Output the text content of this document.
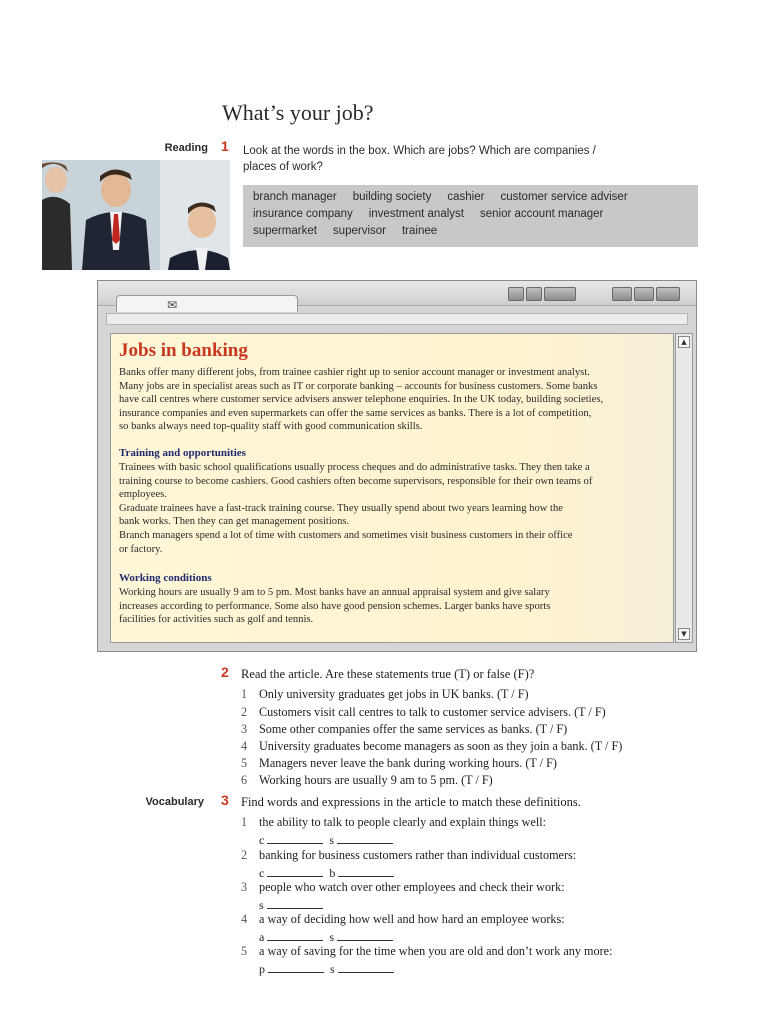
What’s your job?
Reading 1 Look at the words in the box. Which are jobs? Which are companies /
places of work?
branch manager building society cashier customer service adviser
insurance company investment analyst senior account manager
supermarket supervisor trainee
✉
Jobs in banking
Banks offer many different jobs, from trainee cashier right up to senior account manager or investment analyst.
Many jobs are in specialist areas such as IT or corporate banking – accounts for business customers. Some banks
have call centres where customer service advisers answer telephone enquiries. In the UK today, building societies,
insurance companies and even supermarkets can offer the same services as banks. There is a lot of competition,
so banks always need top-quality staff with good communication skills.
Training and opportunities
Trainees with basic school qualifications usually process cheques and do administrative tasks. They then take a
training course to become cashiers. Good cashiers often become supervisors, responsible for their own teams of
employees.
Graduate trainees have a fast-track training course. They usually spend about two years learning how the
bank works. Then they can get management positions.
Branch managers spend a lot of time with customers and sometimes visit business customers in their office
or factory.
Working conditions
Working hours are usually 9 am to 5 pm. Most banks have an annual appraisal system and give salary
increases according to performance. Some also have good pension schemes. Larger banks have sports
facilities for activities such as golf and tennis.
▲
▼
2 Read the article. Are these statements true (T) or false (F)?
1 Only university graduates get jobs in UK banks. (T / F)
2 Customers visit call centres to talk to customer service advisers. (T / F)
3 Some other companies offer the same services as banks. (T / F)
4 University graduates become managers as soon as they join a bank. (T / F)
5 Managers never leave the bank during working hours. (T / F)
6 Working hours are usually 9 am to 5 pm. (T / F)
Vocabulary 3 Find words and expressions in the article to match these definitions.
1 the ability to talk to people clearly and explain things well:
c	s
2 banking for business customers rather than individual customers:
c	b
3 people who watch over other employees and check their work:
s
4 a way of deciding how well and how hard an employee works:
a	s
5 a way of saving for the time when you are old and don’t work any more:
p	s
